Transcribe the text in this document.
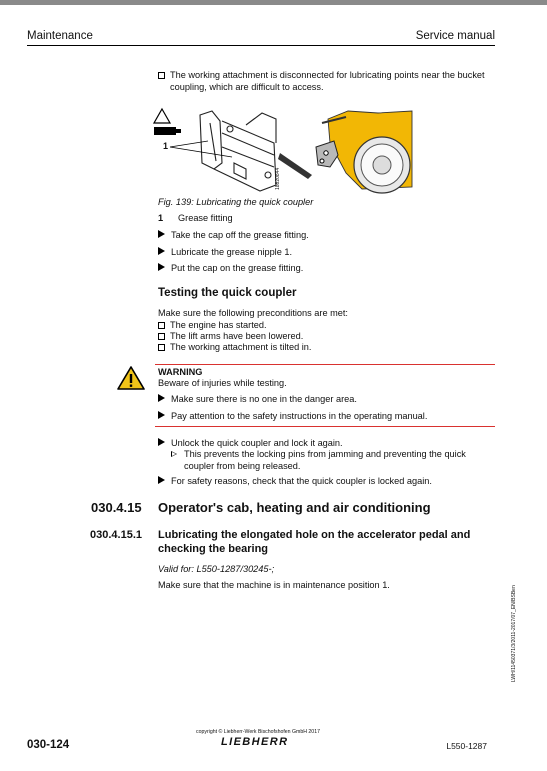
Maintenance	Service manual
The working attachment is disconnected for lubricating points near the bucket coupling, which are difficult to access.
1
18820844
Fig. 139: Lubricating the quick coupler
1 Grease fitting
Take the cap off the grease fitting.
Lubricate the grease nipple 1.
Put the cap on the grease fitting.
Testing the quick coupler
Make sure the following preconditions are met:
The engine has started.
The lift arms have been lowered.
The working attachment is tilted in.
WARNING
Beware of injuries while testing.
Make sure there is no one in the danger area.
Pay attention to the safety instructions in the operating manual.
Unlock the quick coupler and lock it again.
This prevents the locking pins from jamming and preventing the quick coupler from being released.
For safety reasons, check that the quick coupler is locked again.
030.4.15 Operator's cab, heating and air conditioning
030.4.15.1 Lubricating the elongated hole on the accelerator pedal and checking the bearing
Valid for: L550-1287/30245-;
Make sure that the machine is in maintenance position 1.
LWH/11450371/3/2011-2017/07_EN/BSBen
copyright © Liebherr-Werk Bischofshofen GmbH 2017
LIEBHERR
030-124	L550-1287
